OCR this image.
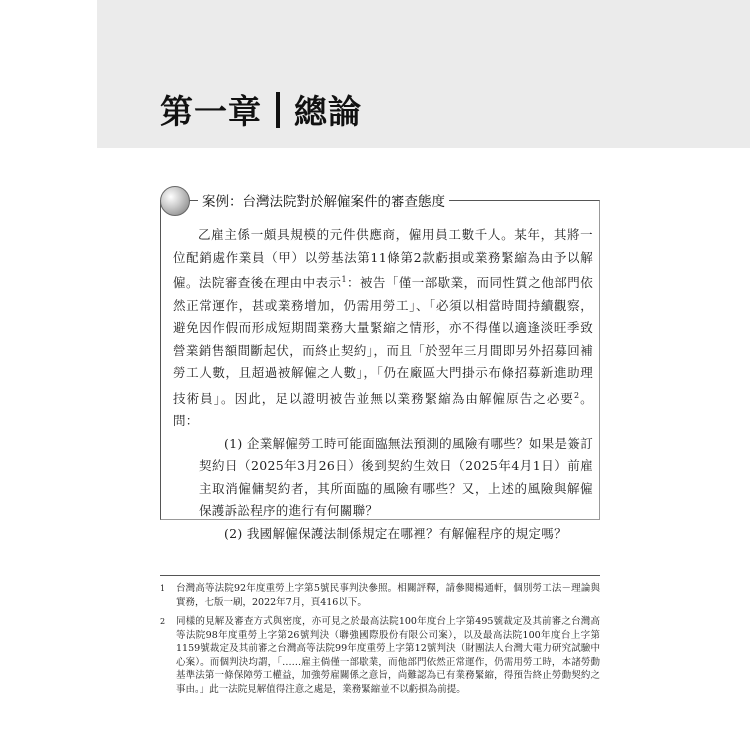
第一章 總論
案例：台灣法院對於解僱案件的審查態度

乙雇主係一頗具規模的元件供應商，僱用員工數千人。某年，其將一位配銷處作業員（甲）以勞基法第11條第2款虧損或業務緊縮為由予以解僱。法院審查後在理由中表示$^1$：被告「僅一部歇業，而同性質之他部門依然正常運作，甚或業務增加，仍需用勞工」、「必須以相當時間持續觀察，避免因作假而形成短期間業務大量緊縮之情形，亦不得僅以適逢淡旺季致營業銷售額間斷起伏，而終止契約」，而且「於翌年三月間即另外招募回補勞工人數，且超過被解僱之人數」，「仍在廠區大門掛示布條招募新進助理技術員」。因此，足以證明被告並無以業務緊縮為由解僱原告之必要$^2$。問：

(1) 企業解僱勞工時可能面臨無法預測的風險有哪些？如果是簽訂契約日（2025年3月26日）後到契約生效日（2025年4月1日）前雇主取消僱傭契約者，其所面臨的風險有哪些？又，上述的風險與解僱保護訴訟程序的進行有何關聯？

(2) 我國解僱保護法制係規定在哪裡？有解僱程序的規定嗎？

1	台灣高等法院92年度重勞上字第5號民事判決參照。相關評釋，請參閱楊通軒，個別勞工法－理論與實務，七版一刷，2022年7月，頁416以下。
2	同樣的見解及審查方式與密度，亦可見之於最高法院100年度台上字第495號裁定及其前審之台灣高等法院98年度重勞上字第26號判決（聯強國際股份有限公司案），以及最高法院100年度台上字第1159號裁定及其前審之台灣高等法院99年度重勞上字第12號判決（財團法人台灣大電力研究試驗中心案）。而個判決均謂，「……雇主倘僅一部歇業，而他部門依然正常運作，仍需用勞工時，本諸勞動基準法第一條保障勞工權益，加強勞雇關係之意旨，尚難認為已有業務緊縮，得預告終止勞動契約之事由。」此一法院見解值得注意之處是，業務緊縮並不以虧損為前提。
